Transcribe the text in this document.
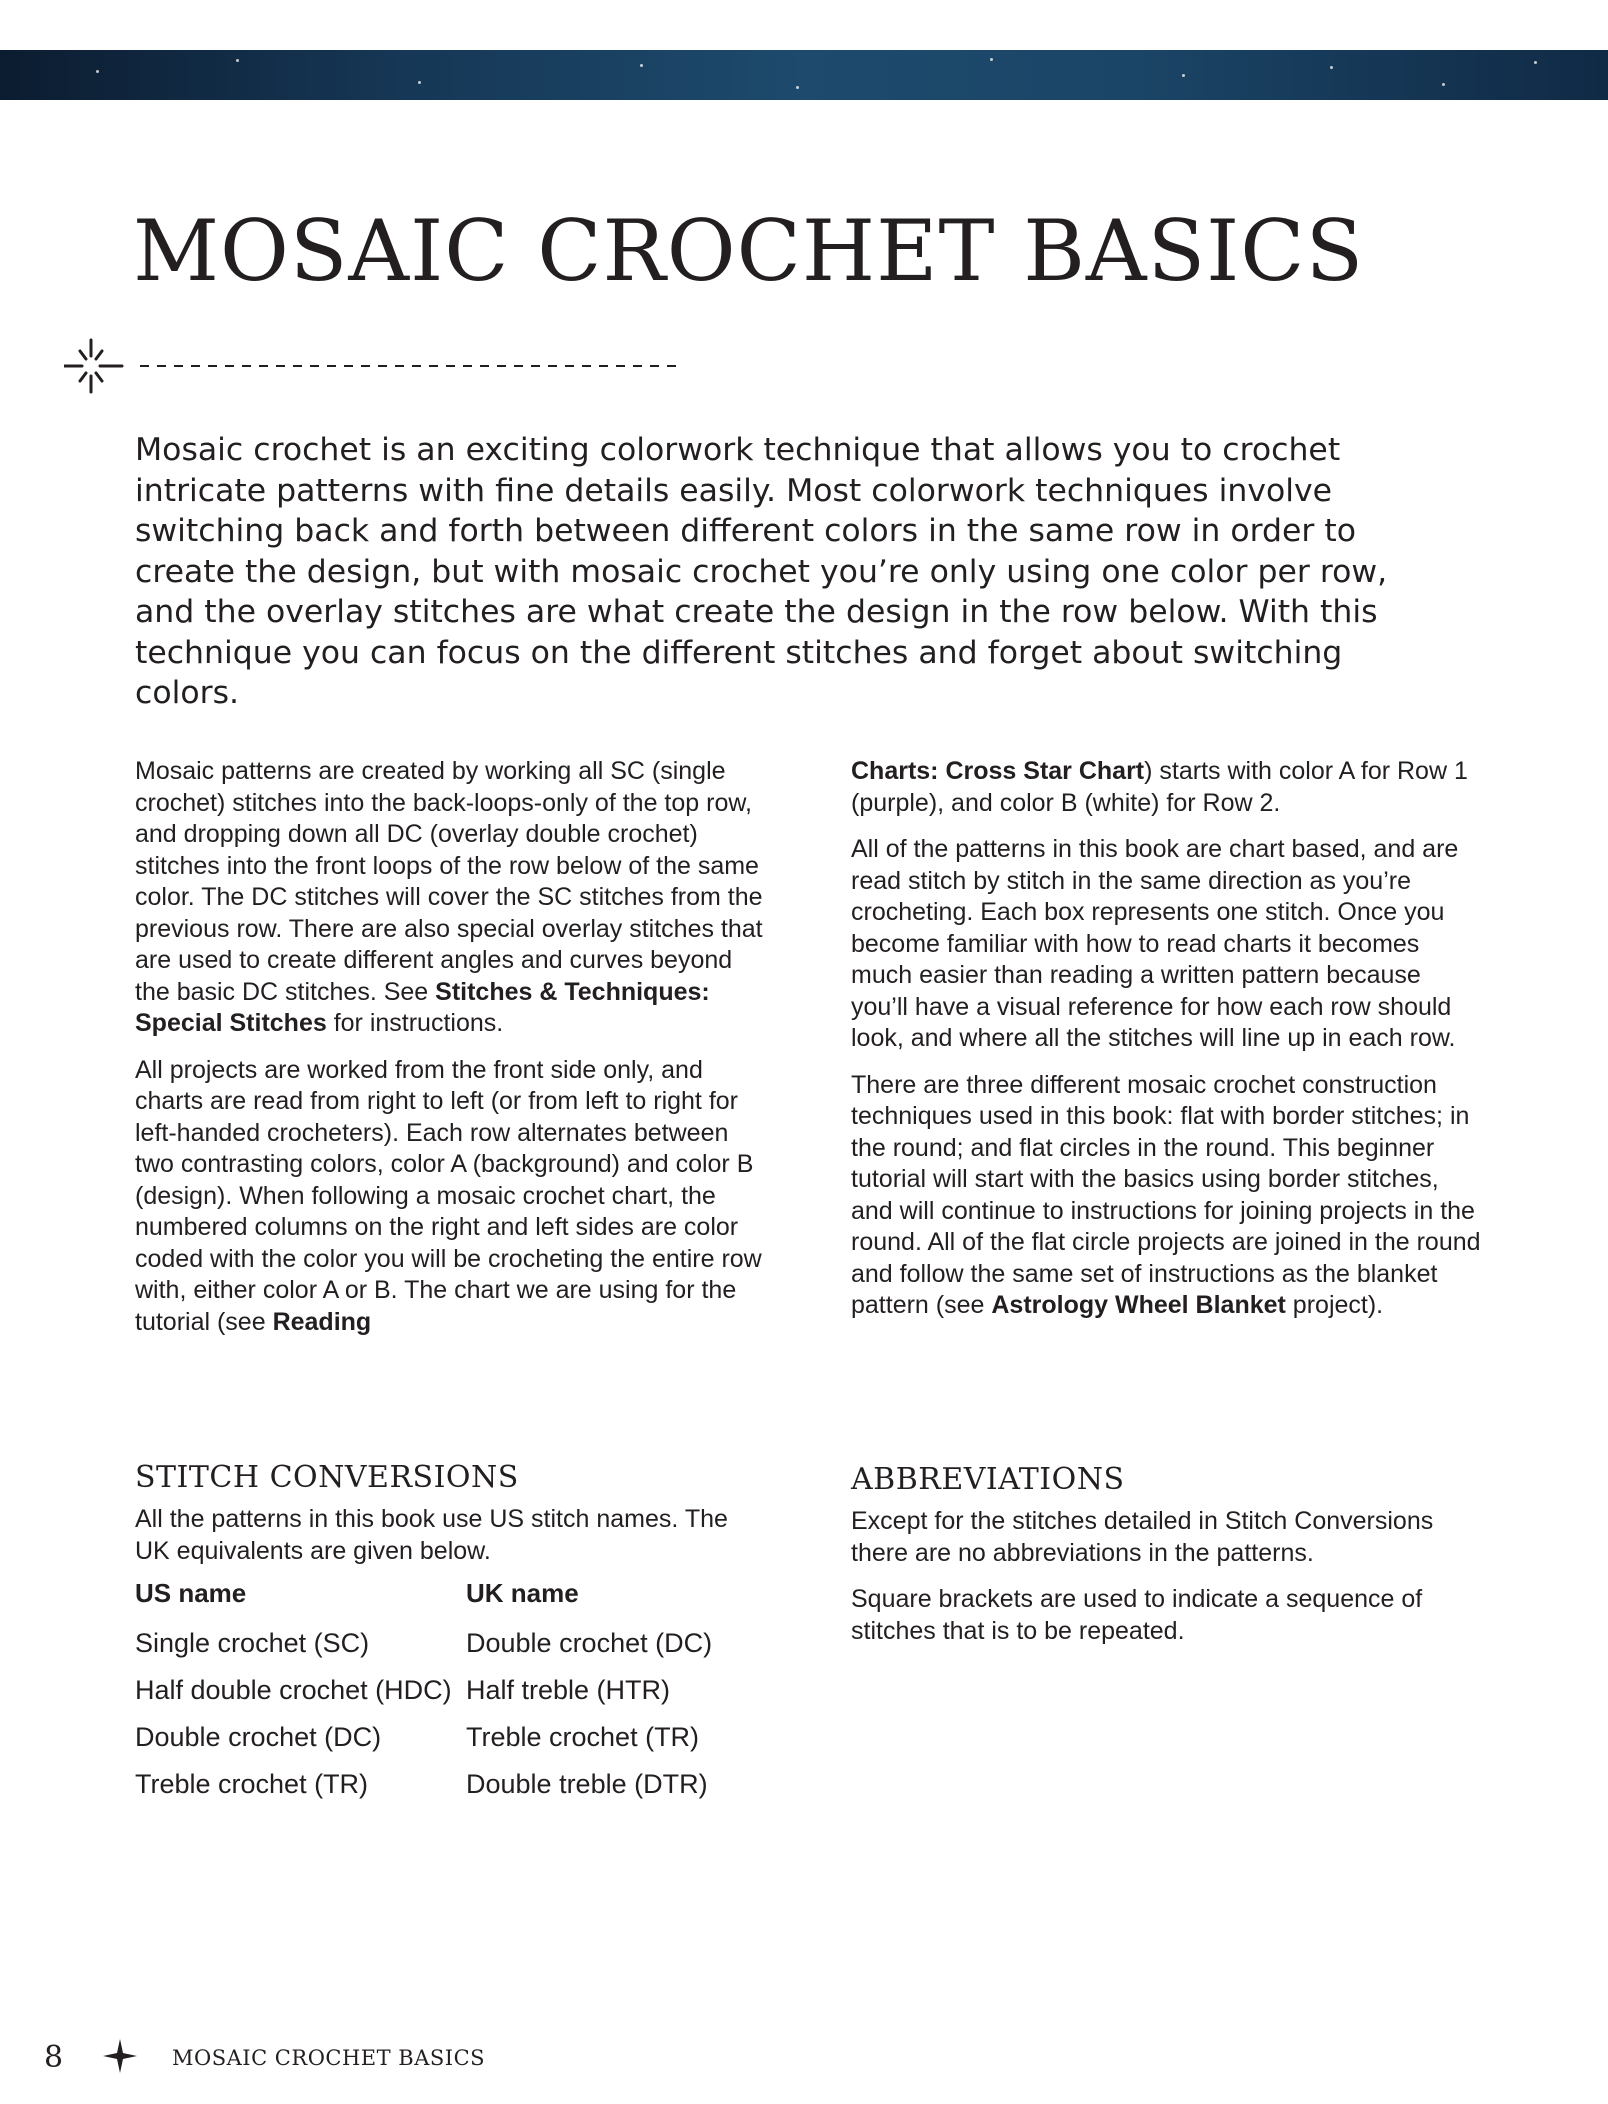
MOSAIC CROCHET BASICS

Mosaic crochet is an exciting colorwork technique that allows you to crochet intricate patterns with fine details easily. Most colorwork techniques involve switching back and forth between different colors in the same row in order to create the design, but with mosaic crochet you’re only using one color per row, and the overlay stitches are what create the design in the row below. With this technique you can focus on the different stitches and forget about switching colors.

Mosaic patterns are created by working all SC (single crochet) stitches into the back-loops-only of the top row, and dropping down all DC (overlay double crochet) stitches into the front loops of the row below of the same color. The DC stitches will cover the SC stitches from the previous row. There are also special overlay stitches that are used to create different angles and curves beyond the basic DC stitches. See Stitches & Techniques: Special Stitches for instructions.

All projects are worked from the front side only, and charts are read from right to left (or from left to right for left-handed crocheters). Each row alternates between two contrasting colors, color A (background) and color B (design). When following a mosaic crochet chart, the numbered columns on the right and left sides are color coded with the color you will be crocheting the entire row with, either color A or B. The chart we are using for the tutorial (see Reading

Charts: Cross Star Chart) starts with color A for Row 1 (purple), and color B (white) for Row 2.

All of the patterns in this book are chart based, and are read stitch by stitch in the same direction as you’re crocheting. Each box represents one stitch. Once you become familiar with how to read charts it becomes much easier than reading a written pattern because you’ll have a visual reference for how each row should look, and where all the stitches will line up in each row.

There are three different mosaic crochet construction techniques used in this book: flat with border stitches; in the round; and flat circles in the round. This beginner tutorial will start with the basics using border stitches, and will continue to instructions for joining projects in the round. All of the flat circle projects are joined in the round and follow the same set of instructions as the blanket pattern (see Astrology Wheel Blanket project).

STITCH CONVERSIONS

All the patterns in this book use US stitch names. The UK equivalents are given below.

US name	UK name
Single crochet (SC)	Double crochet (DC)
Half double crochet (HDC)	Half treble (HTR)
Double crochet (DC)	Treble crochet (TR)
Treble crochet (TR)	Double treble (DTR)
ABBREVIATIONS

Except for the stitches detailed in Stitch Conversions there are no abbreviations in the patterns.

Square brackets are used to indicate a sequence of stitches that is to be repeated.

8	MOSAIC CROCHET BASICS
